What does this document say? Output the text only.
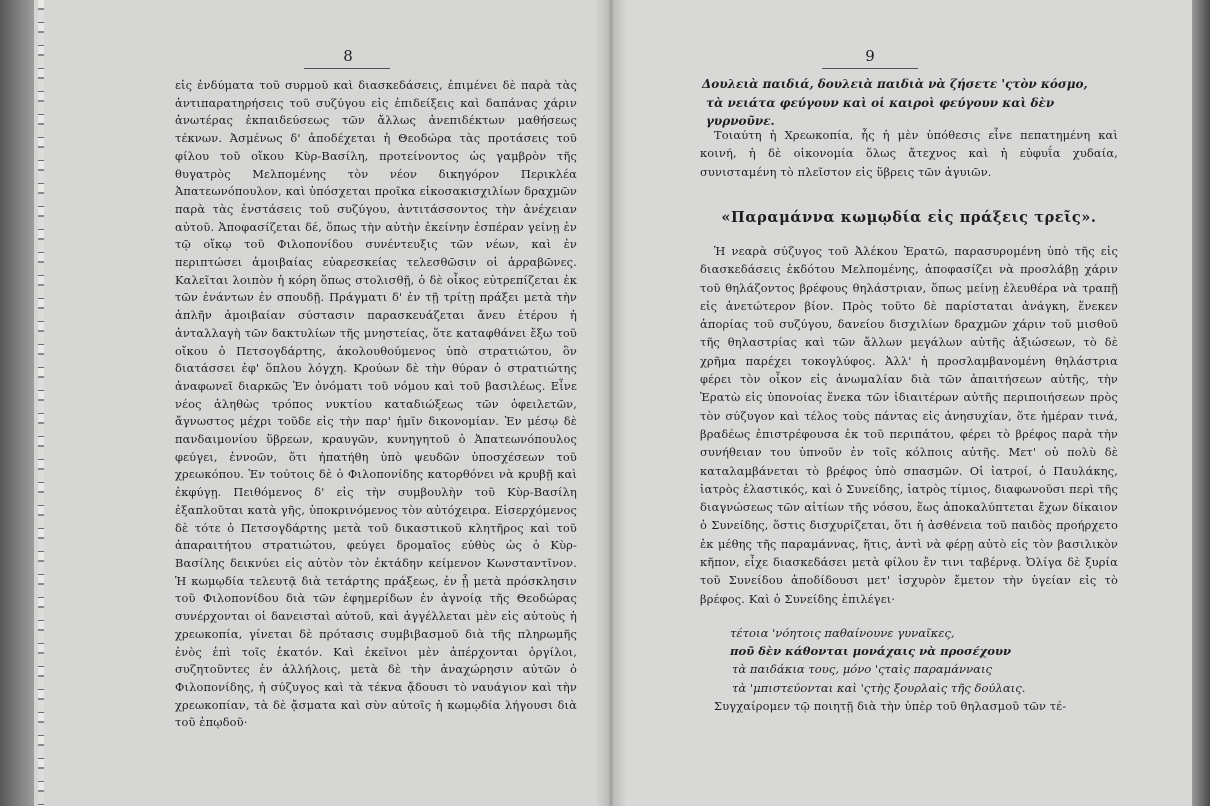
8

εἰς ἐνδύματα τοῦ συρμοῦ καὶ διασκεδάσεις, ἐπιμένει δὲ παρὰ τὰς ἀντιπαρατηρήσεις τοῦ συζύγου εἰς ἐπιδείξεις καὶ δαπάνας χάριν ἀνωτέρας ἐκπαιδεύσεως τῶν ἄλλως ἀνεπιδέκτων μαθήσεως τέκνων. Ἀσμένως δ' ἀποδέχεται ἡ Θεοδώρα τὰς προτάσεις τοῦ φίλου τοῦ οἴκου Κὺρ-Βασίλη, προτείνοντος ὡς γαμβρὸν τῆς θυγατρὸς Μελπομένης τὸν νέον δικηγόρον Περικλέα Ἀπατεωνόπουλον, καὶ ὑπόσχεται προῖκα εἰκοσακισχιλίων δραχμῶν παρὰ τὰς ἐνστάσεις τοῦ συζύγου, ἀντιτάσσοντος τὴν ἀνέχειαν αὐτοῦ. Ἀποφασίζεται δέ, ὅπως τὴν αὐτὴν ἐκείνην ἑσπέραν γείνῃ ἐν τῷ οἴκῳ τοῦ Φιλοπονίδου συνέντευξις τῶν νέων, καὶ ἐν περιπτώσει ἀμοιβαίας εὐαρεσκείας τελεσθῶσιν οἱ ἀρραβῶνες. Καλεῖται λοιπὸν ἡ κόρη ὅπως στολισθῇ, ὁ δὲ οἶκος εὐτρεπίζεται ἐκ τῶν ἐνάντων ἐν σπουδῇ. Πράγματι δ' ἐν τῇ τρίτῃ πράξει μετὰ τὴν ἁπλῆν ἀμοιβαίαν σύστασιν παρασκευάζεται ἄνευ ἑτέρου ἡ ἀνταλλαγὴ τῶν δακτυλίων τῆς μνηστείας, ὅτε καταφθάνει ἔξω τοῦ οἴκου ὁ Πετσογδάρτης, ἀκολουθούμενος ὑπὸ στρατιώτου, ὃν διατάσσει ἐφ' ὅπλου λόγχη. Κρούων δὲ τὴν θύραν ὁ στρατιώτης ἀναφωνεῖ διαρκῶς Ἐν ὀνόματι τοῦ νόμου καὶ τοῦ βασιλέως. Εἶνε νέος ἀληθὼς τρόπος νυκτίου καταδιώξεως τῶν ὀφειλετῶν, ἄγνωστος μέχρι τοῦδε εἰς τὴν παρ' ἡμῖν δικονομίαν. Ἐν μέσῳ δὲ πανδαιμονίου ὕβρεων, κραυγῶν, κυνηγητοῦ ὁ Ἀπατεωνόπουλος φεύγει, ἐννοῶν, ὅτι ἠπατήθη ὑπὸ ψευδῶν ὑποσχέσεων τοῦ χρεωκόπου. Ἐν τούτοις δὲ ὁ Φιλοπονίδης κατορθόνει νὰ κρυβῇ καὶ ἐκφύγῃ. Πειθόμενος δ' εἰς τὴν συμβουλὴν τοῦ Κὺρ-Βασίλη ἐξαπλοῦται κατὰ γῆς, ὑποκρινόμενος τὸν αὐτόχειρα. Εἰσερχόμενος δὲ τότε ὁ Πετσογδάρτης μετὰ τοῦ δικαστικοῦ κλητῆρος καὶ τοῦ ἀπαραιτήτου στρατιώτου, φεύγει δρομαῖος εὐθὺς ὡς ὁ Κὺρ-Βασίλης δεικνύει εἰς αὐτὸν τὸν ἐκτάδην κείμενον Κωνσταντῖνον. Ἡ κωμῳδία τελευτᾷ διὰ τετάρτης πράξεως, ἐν ᾗ μετὰ πρόσκλησιν τοῦ Φιλοπονίδου διὰ τῶν ἐφημερίδων ἐν ἀγνοίᾳ τῆς Θεοδώρας συνέρχονται οἱ δανεισταὶ αὐτοῦ, καὶ ἀγγέλλεται μὲν εἰς αὐτοὺς ἡ χρεωκοπία, γίνεται δὲ πρότασις συμβιβασμοῦ διὰ τῆς πληρωμῆς ἑνὸς ἐπὶ τοῖς ἑκατόν. Καὶ ἐκεῖνοι μὲν ἀπέρχονται ὀργίλοι, συζητοῦντες ἐν ἀλλήλοις, μετὰ δὲ τὴν ἀναχώρησιν αὐτῶν ὁ Φιλοπονίδης, ἡ σύζυγος καὶ τὰ τέκνα ᾄδουσι τὸ ναυάγιον καὶ τὴν χρεωκοπίαν, τὰ δὲ ᾄσματα καὶ σὺν αὐτοῖς ἡ κωμῳδία λήγουσι διὰ τοῦ ἐπῳδοῦ·

9
Δουλειὰ παιδιά, δουλειὰ παιδιὰ νὰ ζήσετε 'ςτὸν κόσμο,
τὰ νειάτα φεύγουν καὶ οἱ καιροὶ φεύγουν καὶ δὲν γυρνοῦνε.

Τοιαύτη ἡ Χρεωκοπία, ἧς ἡ μὲν ὑπόθεσις εἶνε πεπατημένη καὶ κοινή, ἡ δὲ οἰκονομία ὅλως ἄτεχνος καὶ ἡ εὐφυΐα χυδαία, συνισταμένη τὸ πλεῖστον εἰς ὕβρεις τῶν ἀγυιῶν.

«Παραμάννα κωμῳδία εἰς πράξεις τρεῖς».

Ἡ νεαρὰ σύζυγος τοῦ Ἀλέκου Ἐρατῶ, παρασυρομένη ὑπὸ τῆς εἰς διασκεδάσεις ἐκδότου Μελπομένης, ἀποφασίζει νὰ προσλάβῃ χάριν τοῦ θηλάζοντος βρέφους θηλάστριαν, ὅπως μείνῃ ἐλευθέρα νὰ τραπῇ εἰς ἀνετώτερον βίον. Πρὸς τοῦτο δὲ παρίσταται ἀνάγκη, ἕνεκεν ἀπορίας τοῦ συζύγου, δανείου δισχιλίων δραχμῶν χάριν τοῦ μισθοῦ τῆς θηλαστρίας καὶ τῶν ἄλλων μεγάλων αὐτῆς ἀξιώσεων, τὸ δὲ χρῆμα παρέχει τοκογλύφος. Ἀλλ' ἡ προσλαμβανομένη θηλάστρια φέρει τὸν οἶκον εἰς ἀνωμαλίαν διὰ τῶν ἀπαιτήσεων αὐτῆς, τὴν Ἐρατὼ εἰς ὑπονοίας ἕνεκα τῶν ἰδιαιτέρων αὐτῆς περιποιήσεων πρὸς τὸν σύζυγον καὶ τέλος τοὺς πάντας εἰς ἀνησυχίαν, ὅτε ἡμέραν τινά, βραδέως ἐπιστρέφουσα ἐκ τοῦ περιπάτου, φέρει τὸ βρέφος παρὰ τὴν συνήθειαν του ὑπνοῦν ἐν τοῖς κόλποις αὐτῆς. Μετ' οὐ πολὺ δὲ καταλαμβάνεται τὸ βρέφος ὑπὸ σπασμῶν. Οἱ ἰατροί, ὁ Παυλάκης, ἰατρὸς ἐλαστικός, καὶ ὁ Συνείδης, ἰατρὸς τίμιος, διαφωνοῦσι περὶ τῆς διαγνώσεως τῶν αἰτίων τῆς νόσου, ἕως ἀποκαλύπτεται ἔχων δίκαιον ὁ Συνείδης, ὅστις δισχυρίζεται, ὅτι ἡ ἀσθένεια τοῦ παιδὸς προήρχετο ἐκ μέθης τῆς παραμάννας, ἥτις, ἀντὶ νὰ φέρῃ αὐτὸ εἰς τὸν βασιλικὸν κῆπον, εἶχε διασκεδάσει μετὰ φίλου ἔν τινι ταβέρνᾳ. Ὀλίγα δὲ ξυρία τοῦ Συνείδου ἀποδίδουσι μετ' ἰσχυρὸν ἔμετον τὴν ὑγείαν εἰς τὸ βρέφος. Καὶ ὁ Συνείδης ἐπιλέγει·

τέτοια 'νόητοις παθαίνουνε γυναῖκες,
ποῦ δὲν κάθονται μονάχαις νὰ προσέχουν
τὰ παιδάκια τους, μόνο 'ςταὶς παραμάνναις
τὰ 'μπιστεύονται καὶ 'ςτὴς ξουρλαὶς τῆς δούλαις.

Συγχαίρομεν τῷ ποιητῇ διὰ τὴν ὑπὲρ τοῦ θηλασμοῦ τῶν τέ-
